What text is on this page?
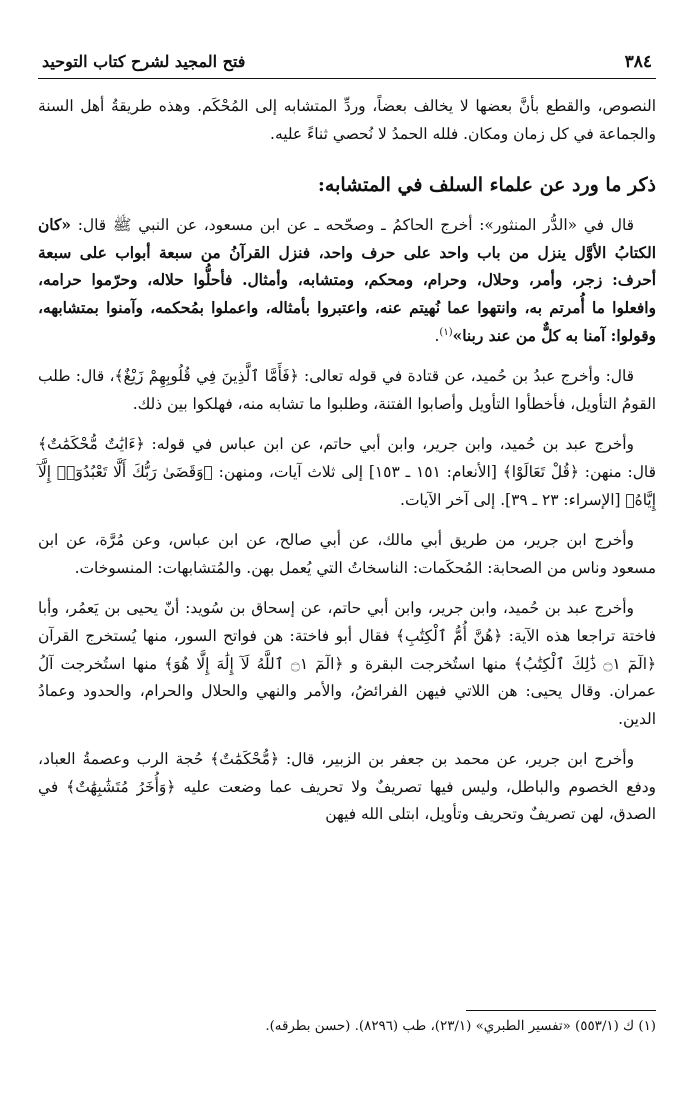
٣٨٤
فتح المجيد لشرح كتاب التوحيد

النصوص، والقطع بأنَّ بعضها لا يخالف بعضاً، وردِّ المتشابه إلى المُحْكَم. وهذه طريقةُ أهل السنة والجماعة في كل زمان ومكان. فلله الحمدُ لا نُحصي ثناءً عليه.

ذكر ما ورد عن علماء السلف في المتشابه:

قال في «الدُّر المنثور»: أخرج الحاكمُ ـ وصحّحه ـ عن ابن مسعود، عن النبي ﷺ قال: «كان الكتابُ الأوَّل ينزل من باب واحد على حرف واحد، فنزل القرآنُ من سبعة أبواب على سبعة أحرف: زجر، وأمر، وحلال، وحرام، ومحكم، ومتشابه، وأمثال. فأحلُّوا حلاله، وحرّموا حرامه، وافعلوا ما أُمرتم به، وانتهوا عما نُهيتم عنه، واعتبروا بأمثاله، واعملوا بمُحكمه، وآمنوا بمتشابهه، وقولوا: آمنا به كلٌّ من عند ربنا»$^{(١)}$.

قال: وأخرج عبدُ بن حُميد، عن قتادة في قوله تعالى: ﴿فَأَمَّا ٱلَّذِينَ فِي قُلُوبِهِمْ زَيْغٌ﴾، قال: طلب القومُ التأويل، فأخطأوا التأويل وأصابوا الفتنة، وطلبوا ما تشابه منه، فهلكوا بين ذلك.

وأخرج عبد بن حُميد، وابن جرير، وابن أبي حاتم، عن ابن عباس في قوله: ﴿ءَايَٰتٌ مُّحْكَمَٰتٌ﴾ قال: منهن: ﴿قُلْ تَعَالَوْا﴾ [الأنعام: ١٥١ ـ ١٥٣] إلى ثلاث آيات، ومنهن: ﴿وَقَضَىٰ رَبُّكَ أَلَّا تَعْبُدُوٓا۟ إِلَّآ إِيَّاهُ﴾ [الإسراء: ٢٣ ـ ٣٩]. إلى آخر الآيات.

وأخرج ابن جرير، من طريق أبي مالك، عن أبي صالح، عن ابن عباس، وعن مُرَّة، عن ابن مسعود وناس من الصحابة: المُحكَمات: الناسخاتُ التي يُعمل بهن. والمُتشابهات: المنسوخات.

وأخرج عبد بن حُميد، وابن جرير، وابن أبي حاتم، عن إسحاق بن سُويد: أنّ يحيى بن يَعمُر، وأبا فاختة تراجعا هذه الآية: ﴿هُنَّ أُمُّ ٱلْكِتَٰبِ﴾ فقال أبو فاختة: هن فواتح السور، منها يُستخرج القرآن ﴿الٓمٓ ۝١ ذَٰلِكَ ٱلْكِتَٰبُ﴾ منها استُخرجت البقرة و ﴿الٓمٓ ۝١ ٱللَّهُ لَآ إِلَٰهَ إِلَّا هُوَ﴾ منها استُخرجت آلُ عمران. وقال يحيى: هن اللاتي فيهن الفرائضُ، والأمر والنهي والحلال والحرام، والحدود وعمادُ الدين.

وأخرج ابن جرير، عن محمد بن جعفر بن الزبير، قال: ﴿مُّحْكَمَٰتٌ﴾ حُجة الرب وعصمةُ العباد، ودفع الخصوم والباطل، وليس فيها تصريفٌ ولا تحريف عما وضعت عليه ﴿وَأُخَرُ مُتَشَٰبِهَٰتٌ﴾ في الصدق، لهن تصريفٌ وتحريف وتأويل، ابتلى الله فيهن

(١) ك (٥٥٣/١) «تفسير الطبري» (٢٣/١)، طب (٨٢٩٦). (حسن بطرقه).
